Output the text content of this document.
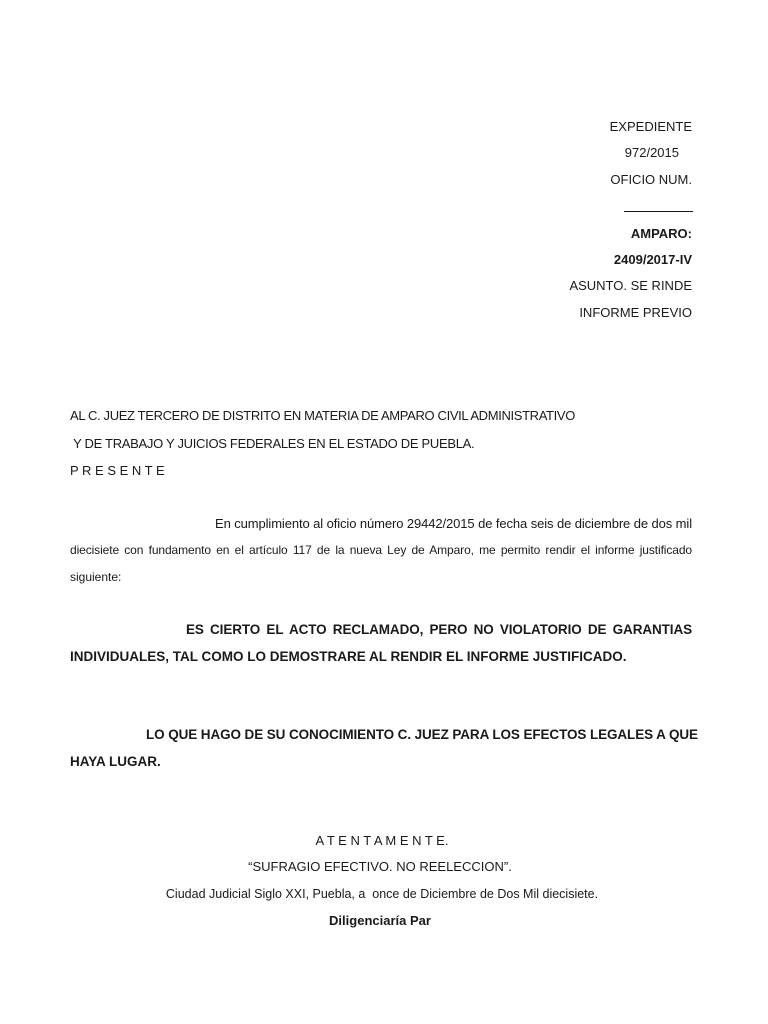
EXPEDIENTE
972/2015
OFICIO NUM.
AMPARO:
2409/2017-IV
ASUNTO. SE RINDE
INFORME PREVIO
AL C. JUEZ TERCERO DE DISTRITO EN MATERIA DE AMPARO CIVIL ADMINISTRATIVO
Y DE TRABAJO Y JUICIOS FEDERALES EN EL ESTADO DE PUEBLA.
P R E S E N T E
En cumplimiento al oficio número 29442/2015 de fecha seis de diciembre de dos mil
diecisiete con fundamento en el artículo 117 de la nueva Ley de Amparo, me permito rendir el informe justificado
siguiente:
ES CIERTO EL ACTO RECLAMADO, PERO NO VIOLATORIO DE GARANTIAS
INDIVIDUALES, TAL COMO LO DEMOSTRARE AL RENDIR EL INFORME JUSTIFICADO.
LO QUE HAGO DE SU CONOCIMIENTO C. JUEZ PARA LOS EFECTOS LEGALES A QUE
HAYA LUGAR.
A T E N T A M E N T E.
“SUFRAGIO EFECTIVO. NO REELECCION”.
Ciudad Judicial Siglo XXI, Puebla, a  once de Diciembre de Dos Mil diecisiete.
Diligenciaría Par
